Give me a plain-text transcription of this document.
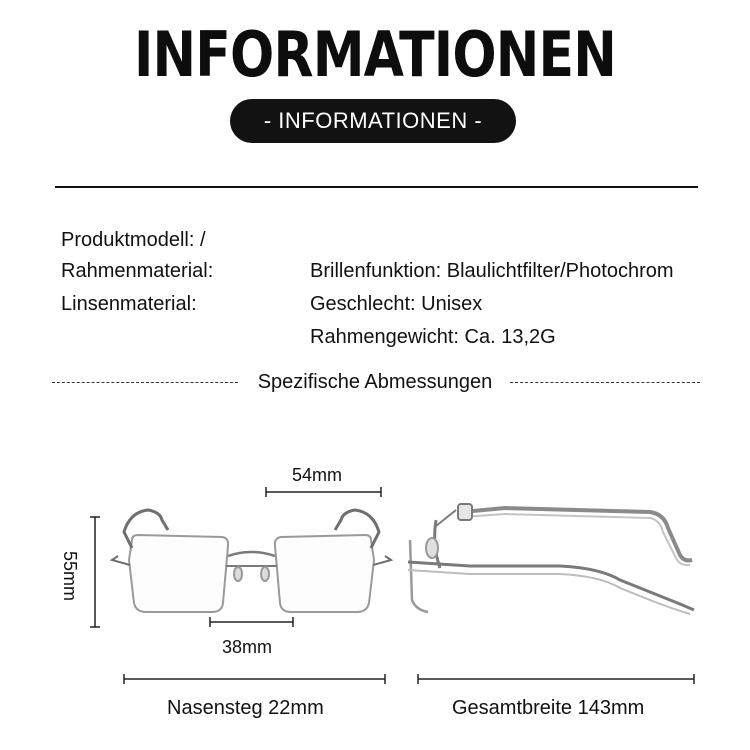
INFORMATIONEN
- INFORMATIONEN -
Produktmodell: /
Rahmenmaterial:
Linsenmaterial:
Brillenfunktion: Blaulichtfilter/Photochrom
Geschlecht: Unisex
Rahmengewicht: Ca. 13,2G
Spezifische Abmessungen
54mm
55mm
38mm
Nasensteg 22mm	Gesamtbreite 143mm
